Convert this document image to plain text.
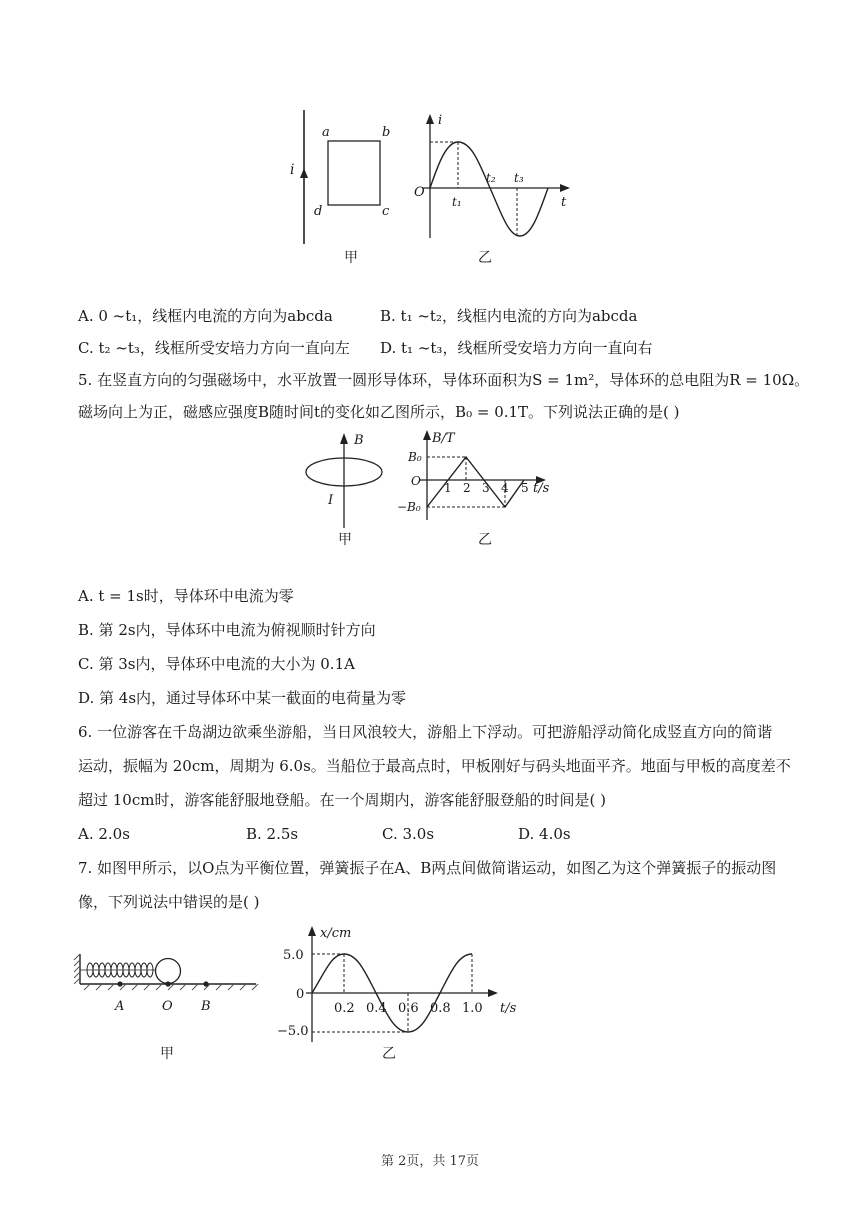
i
a	b
c
d
甲
i
O
t
t₁
t₂ t₃
乙
A. 0 ~t₁，线框内电流的方向为abcda	B. t₁ ~t₂，线框内电流的方向为abcda
C. t₂ ~t₃，线框所受安培力方向一直向左 D. t₁ ~t₃，线框所受安培力方向一直向右
5. 在竖直方向的匀强磁场中，水平放置一圆形导体环，导体环面积为S = 1m²，导体环的总电阻为R = 10Ω。
磁场向上为正，磁感应强度B随时间t的变化如乙图所示，B₀ = 0.1T。下列说法正确的是( )
B
I
甲
B/T
t/s
B₀
−B₀
O 1 2 3 4 5
乙
A. t = 1s时，导体环中电流为零
B. 第 2s内，导体环中电流为俯视顺时针方向
C. 第 3s内，导体环中电流的大小为 0.1A
D. 第 4s内，通过导体环中某一截面的电荷量为零
6. 一位游客在千岛湖边欲乘坐游船，当日风浪较大，游船上下浮动。可把游船浮动简化成竖直方向的简谐
运动，振幅为 20cm，周期为 6.0s。当船位于最高点时，甲板刚好与码头地面平齐。地面与甲板的高度差不
超过 10cm时，游客能舒服地登船。在一个周期内，游客能舒服登船的时间是( )
A. 2.0s	B. 2.5s	C. 3.0s	D. 4.0s
7. 如图甲所示，以O点为平衡位置，弹簧振子在A、B两点间做简谐运动，如图乙为这个弹簧振子的振动图
像，下列说法中错误的是( )
A	O B
甲
x/cm
t/s
5.0
0
−5.0
0.2 0.4 0.6 0.8 1.0
乙
第 2页，共 17页
